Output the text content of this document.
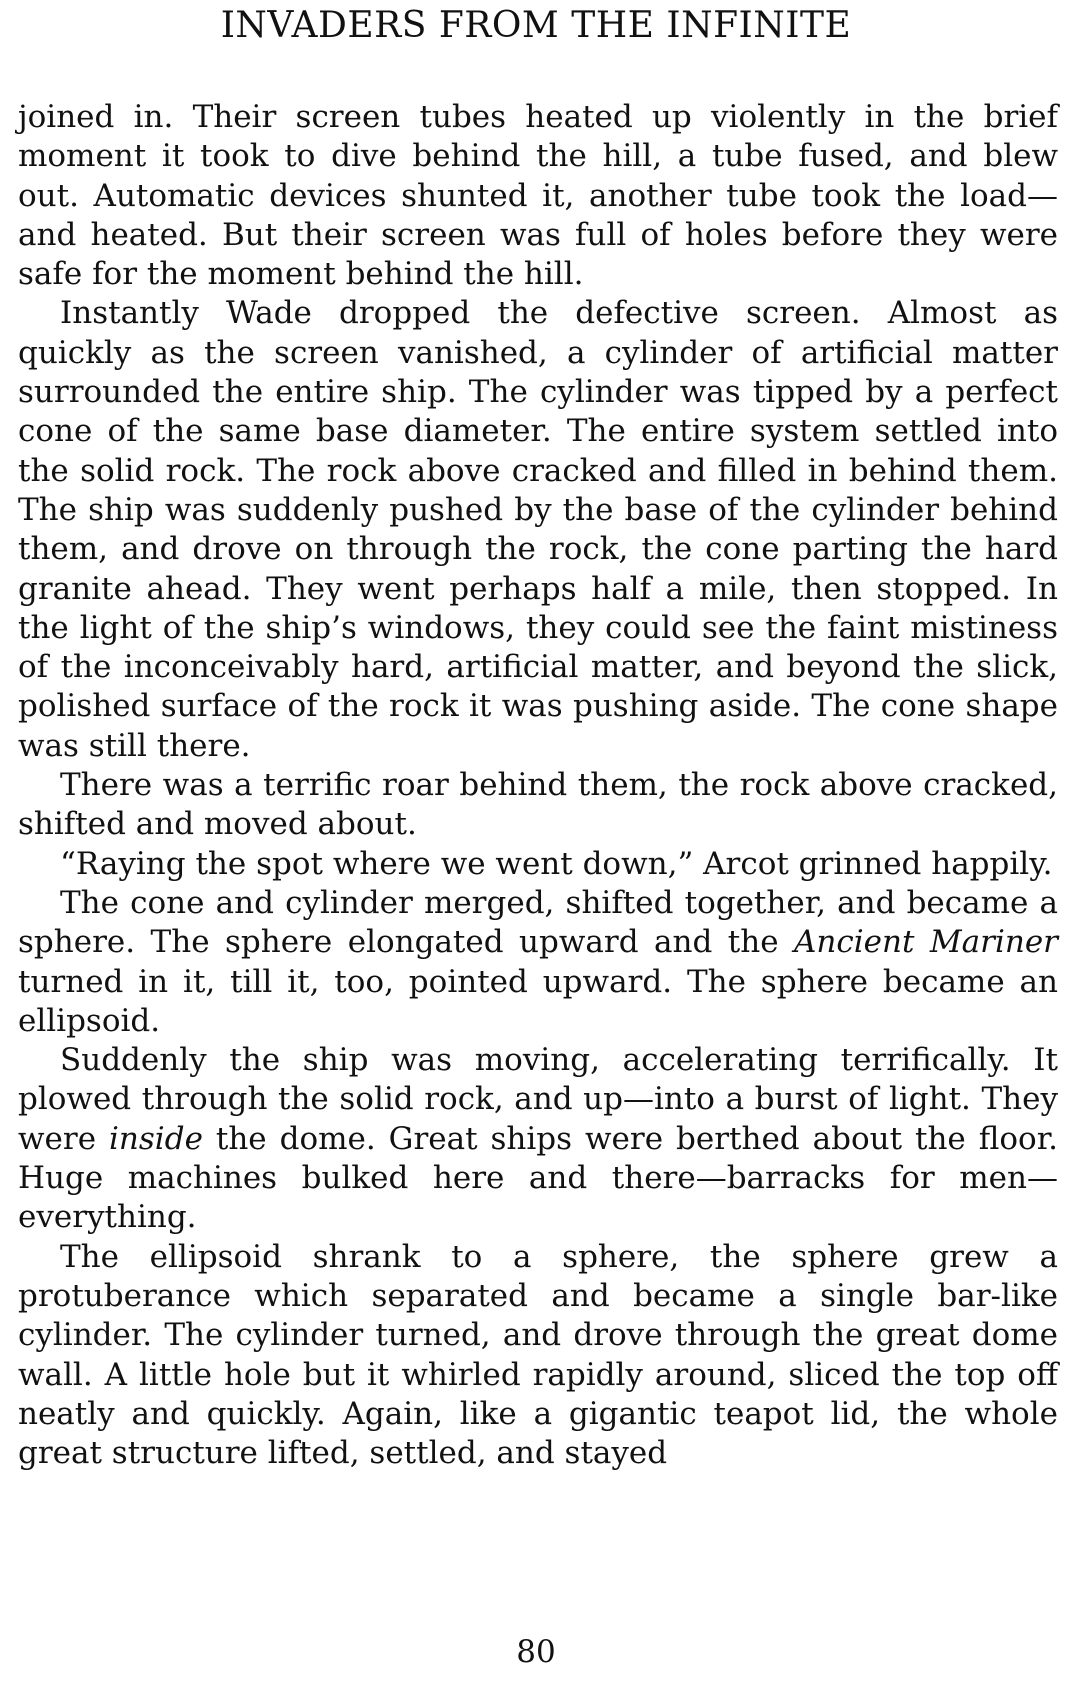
INVADERS FROM THE INFINITE

joined in. Their screen tubes heated up violently in the brief moment it took to dive behind the hill, a tube fused, and blew out. Automatic devices shunted it, another tube took the load—and heated. But their screen was full of holes before they were safe for the moment behind the hill.

Instantly Wade dropped the defective screen. Almost as quickly as the screen vanished, a cylinder of artificial matter surrounded the entire ship. The cylinder was tipped by a perfect cone of the same base diameter. The entire system settled into the solid rock. The rock above cracked and filled in behind them. The ship was suddenly pushed by the base of the cylinder behind them, and drove on through the rock, the cone parting the hard granite ahead. They went perhaps half a mile, then stopped. In the light of the ship’s windows, they could see the faint mistiness of the inconceivably hard, artificial matter, and beyond the slick, polished surface of the rock it was pushing aside. The cone shape was still there.

There was a terrific roar behind them, the rock above cracked, shifted and moved about.

“Raying the spot where we went down,” Arcot grinned happily.

The cone and cylinder merged, shifted together, and became a sphere. The sphere elongated upward and the Ancient Mariner turned in it, till it, too, pointed upward. The sphere became an ellipsoid.

Suddenly the ship was moving, accelerating terrifically. It plowed through the solid rock, and up—into a burst of light. They were inside the dome. Great ships were berthed about the floor. Huge machines bulked here and there—barracks for men—everything.

The ellipsoid shrank to a sphere, the sphere grew a protuberance which separated and became a single bar-like cylinder. The cylinder turned, and drove through the great dome wall. A little hole but it whirled rapidly around, sliced the top off neatly and quickly. Again, like a gigantic teapot lid, the whole great structure lifted, settled, and stayed

80
